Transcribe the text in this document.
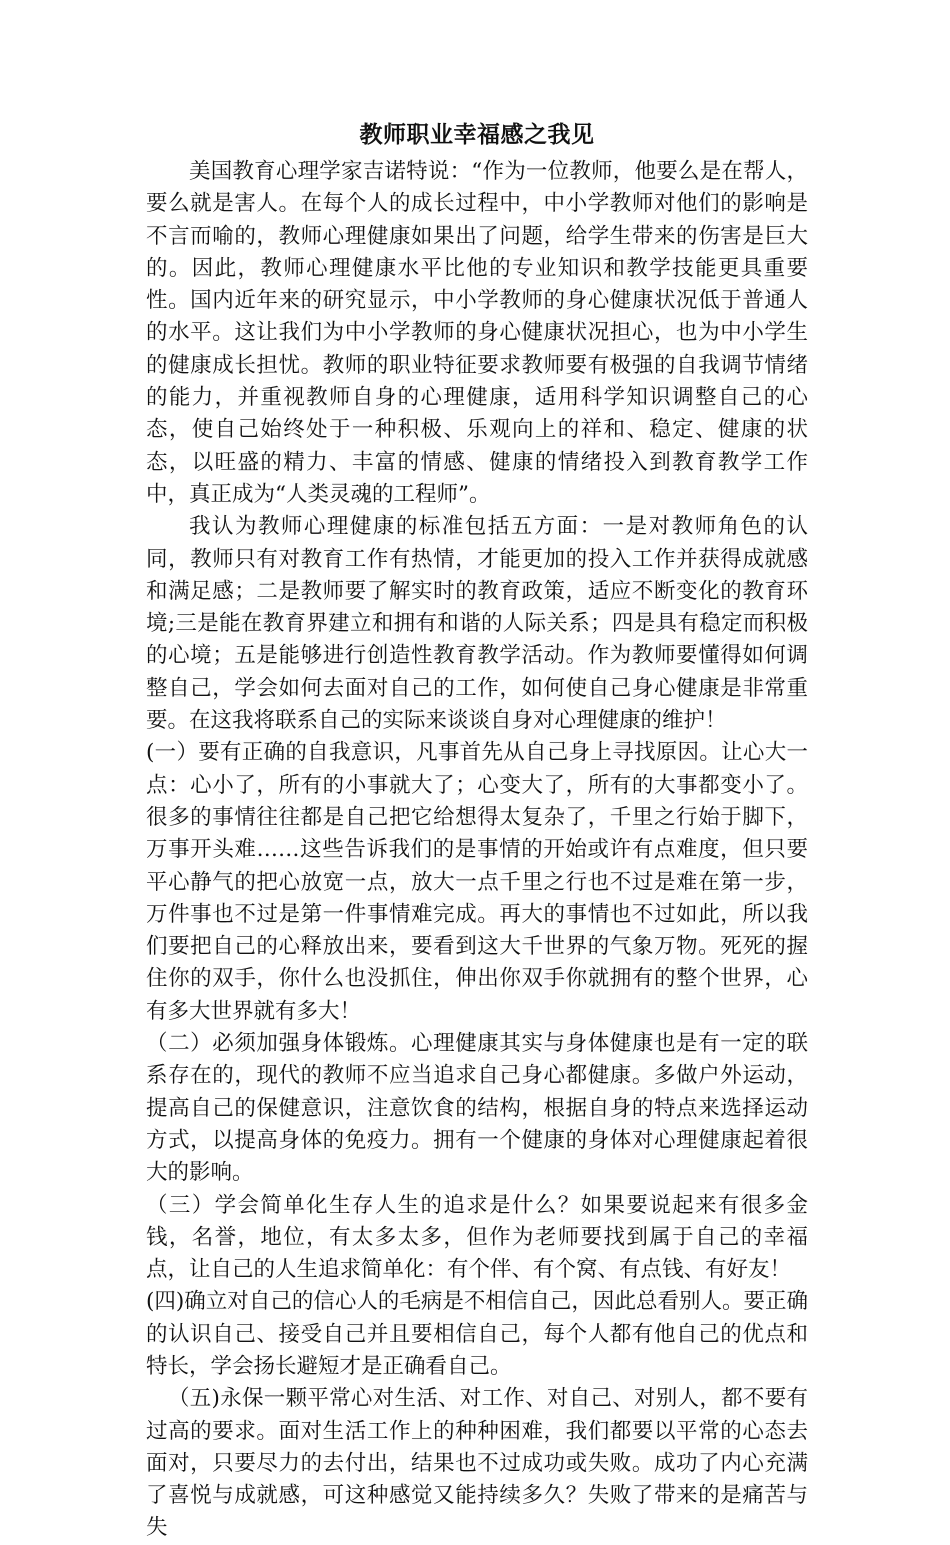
教师职业幸福感之我见

美国教育心理学家吉诺特说：“作为一位教师，他要么是在帮人，要么就是害人。在每个人的成长过程中，中小学教师对他们的影响是不言而喻的，教师心理健康如果出了问题，给学生带来的伤害是巨大的。因此，教师心理健康水平比他的专业知识和教学技能更具重要性。国内近年来的研究显示，中小学教师的身心健康状况低于普通人的水平。这让我们为中小学教师的身心健康状况担心，也为中小学生的健康成长担忧。教师的职业特征要求教师要有极强的自我调节情绪的能力，并重视教师自身的心理健康，适用科学知识调整自己的心态，使自己始终处于一种积极、乐观向上的祥和、稳定、健康的状态，以旺盛的精力、丰富的情感、健康的情绪投入到教育教学工作中，真正成为“人类灵魂的工程师”。

我认为教师心理健康的标准包括五方面：一是对教师角色的认同，教师只有对教育工作有热情，才能更加的投入工作并获得成就感和满足感；二是教师要了解实时的教育政策，适应不断变化的教育环境;三是能在教育界建立和拥有和谐的人际关系；四是具有稳定而积极的心境；五是能够进行创造性教育教学活动。作为教师要懂得如何调整自己，学会如何去面对自己的工作，如何使自己身心健康是非常重要。在这我将联系自己的实际来谈谈自身对心理健康的维护！

(一）要有正确的自我意识，凡事首先从自己身上寻找原因。让心大一点：心小了，所有的小事就大了；心变大了，所有的大事都变小了。很多的事情往往都是自己把它给想得太复杂了，千里之行始于脚下，万事开头难……这些告诉我们的是事情的开始或许有点难度，但只要平心静气的把心放宽一点，放大一点千里之行也不过是难在第一步，万件事也不过是第一件事情难完成。再大的事情也不过如此，所以我们要把自己的心释放出来，要看到这大千世界的气象万物。死死的握住你的双手，你什么也没抓住，伸出你双手你就拥有的整个世界，心有多大世界就有多大！

（二）必须加强身体锻炼。心理健康其实与身体健康也是有一定的联系存在的，现代的教师不应当追求自己身心都健康。多做户外运动，提高自己的保健意识，注意饮食的结构，根据自身的特点来选择运动方式，以提高身体的免疫力。拥有一个健康的身体对心理健康起着很大的影响。

（三）学会简单化生存人生的追求是什么？如果要说起来有很多金钱，名誉，地位，有太多太多，但作为老师要找到属于自己的幸福点，让自己的人生追求简单化：有个伴、有个窝、有点钱、有好友！

(四)确立对自己的信心人的毛病是不相信自己，因此总看别人。要正确的认识自己、接受自己并且要相信自己，每个人都有他自己的优点和特长，学会扬长避短才是正确看自己。

（五)永保一颗平常心对生活、对工作、对自己、对别人，都不要有过高的要求。面对生活工作上的种种困难，我们都要以平常的心态去面对，只要尽力的去付出，结果也不过成功或失败。成功了内心充满了喜悦与成就感，可这种感觉又能持续多久？失败了带来的是痛苦与失
